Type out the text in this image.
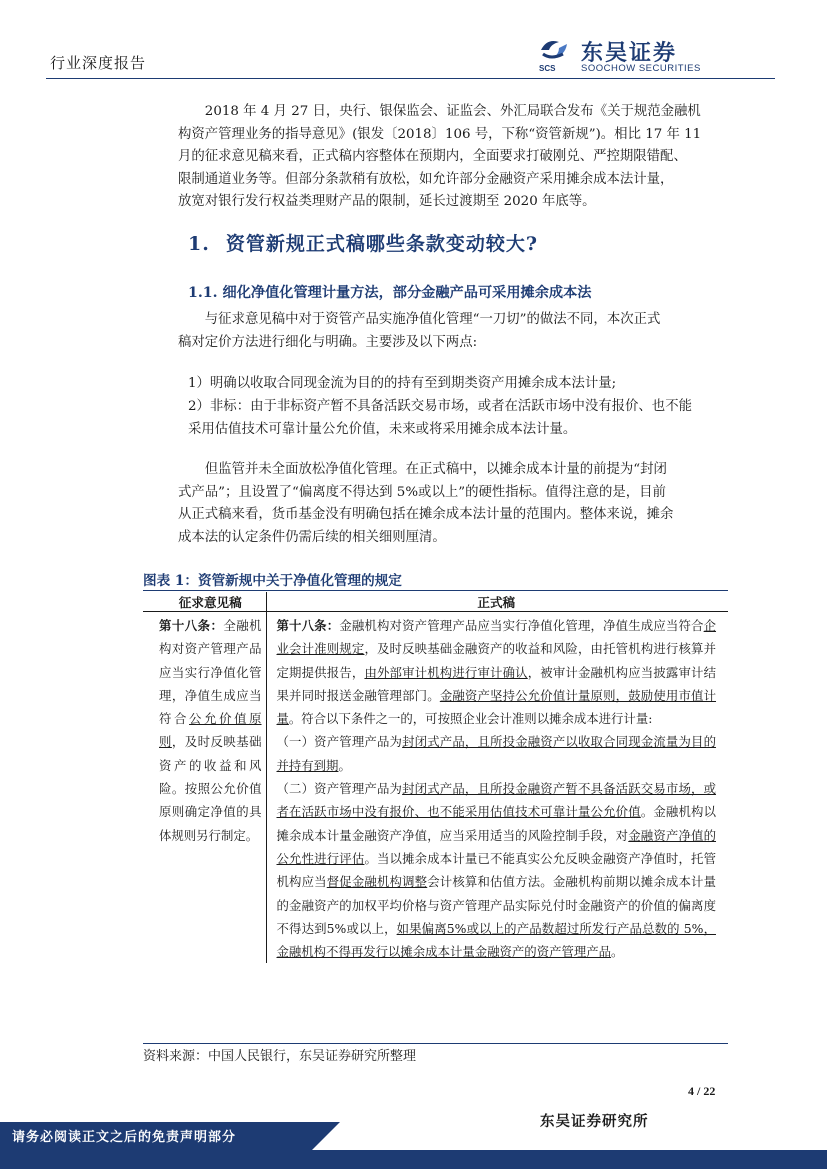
行业深度报告	SCS
东吴证券
SOOCHOW SECURITIES
2018 年 4 月 27 日，央行、银保监会、证监会、外汇局联合发布《关于规范金融机
构资产管理业务的指导意见》(银发〔2018〕106 号，下称“资管新规”)。相比 17 年 11
月的征求意见稿来看，正式稿内容整体在预期内，全面要求打破刚兑、严控期限错配、
限制通道业务等。但部分条款稍有放松，如允许部分金融资产采用摊余成本法计量，
放宽对银行发行权益类理财产品的限制，延长过渡期至 2020 年底等。
1. 资管新规正式稿哪些条款变动较大?
1.1. 细化净值化管理计量方法，部分金融产品可采用摊余成本法
与征求意见稿中对于资管产品实施净值化管理“一刀切”的做法不同，本次正式
稿对定价方法进行细化与明确。主要涉及以下两点:
1）明确以收取合同现金流为目的的持有至到期类资产用摊余成本法计量;
2）非标：由于非标资产暂不具备活跃交易市场，或者在活跃市场中没有报价、也不能
采用估值技术可靠计量公允价值，未来或将采用摊余成本法计量。
但监管并未全面放松净值化管理。在正式稿中，以摊余成本计量的前提为“封闭
式产品”；且设置了“偏离度不得达到 5%或以上”的硬性指标。值得注意的是，目前
从正式稿来看，货币基金没有明确包括在摊余成本法计量的范围内。整体来说，摊余
成本法的认定条件仍需后续的相关细则厘清。
图表 1：资管新规中关于净值化管理的规定
征求意见稿	正式稿
第十八条：全融机构对资产管理产品应当实行净值化管理，净值生成应当符合公允价值原则，及时反映基础资产的收益和风险。按照公允价值原则确定净值的具体规则另行制定。	第十八条：金融机构对资产管理产品应当实行净值化管理，净值生成应当符合企业会计准则规定，及时反映基础金融资产的收益和风险，由托管机构进行核算并定期提供报告，由外部审计机构进行审计确认，被审计金融机构应当披露审计结果并同时报送金融管理部门。金融资产坚持公允价值计量原则，鼓励使用市值计量。符合以下条件之一的，可按照企业会计准则以摊余成本进行计量:
（一）资产管理产品为封闭式产品，且所投金融资产以收取合同现金流量为目的并持有到期。
（二）资产管理产品为封闭式产品，且所投金融资产暂不具备活跃交易市场，或者在活跃市场中没有报价、也不能采用估值技术可靠计量公允价值。金融机构以摊余成本计量金融资产净值，应当采用适当的风险控制手段，对金融资产净值的公允性进行评估。当以摊余成本计量已不能真实公允反映金融资产净值时，托管机构应当督促金融机构调整会计核算和估值方法。金融机构前期以摊余成本计量的金融资产的加权平均价格与资产管理产品实际兑付时金融资产的价值的偏离度不得达到5%或以上，如果偏离5%或以上的产品数超过所发行产品总数的 5%，金融机构不得再发行以摊余成本计量金融资产的资产管理产品。
资料来源：中国人民银行，东吴证券研究所整理
4 / 22
东吴证券研究所
请务必阅读正文之后的免责声明部分
